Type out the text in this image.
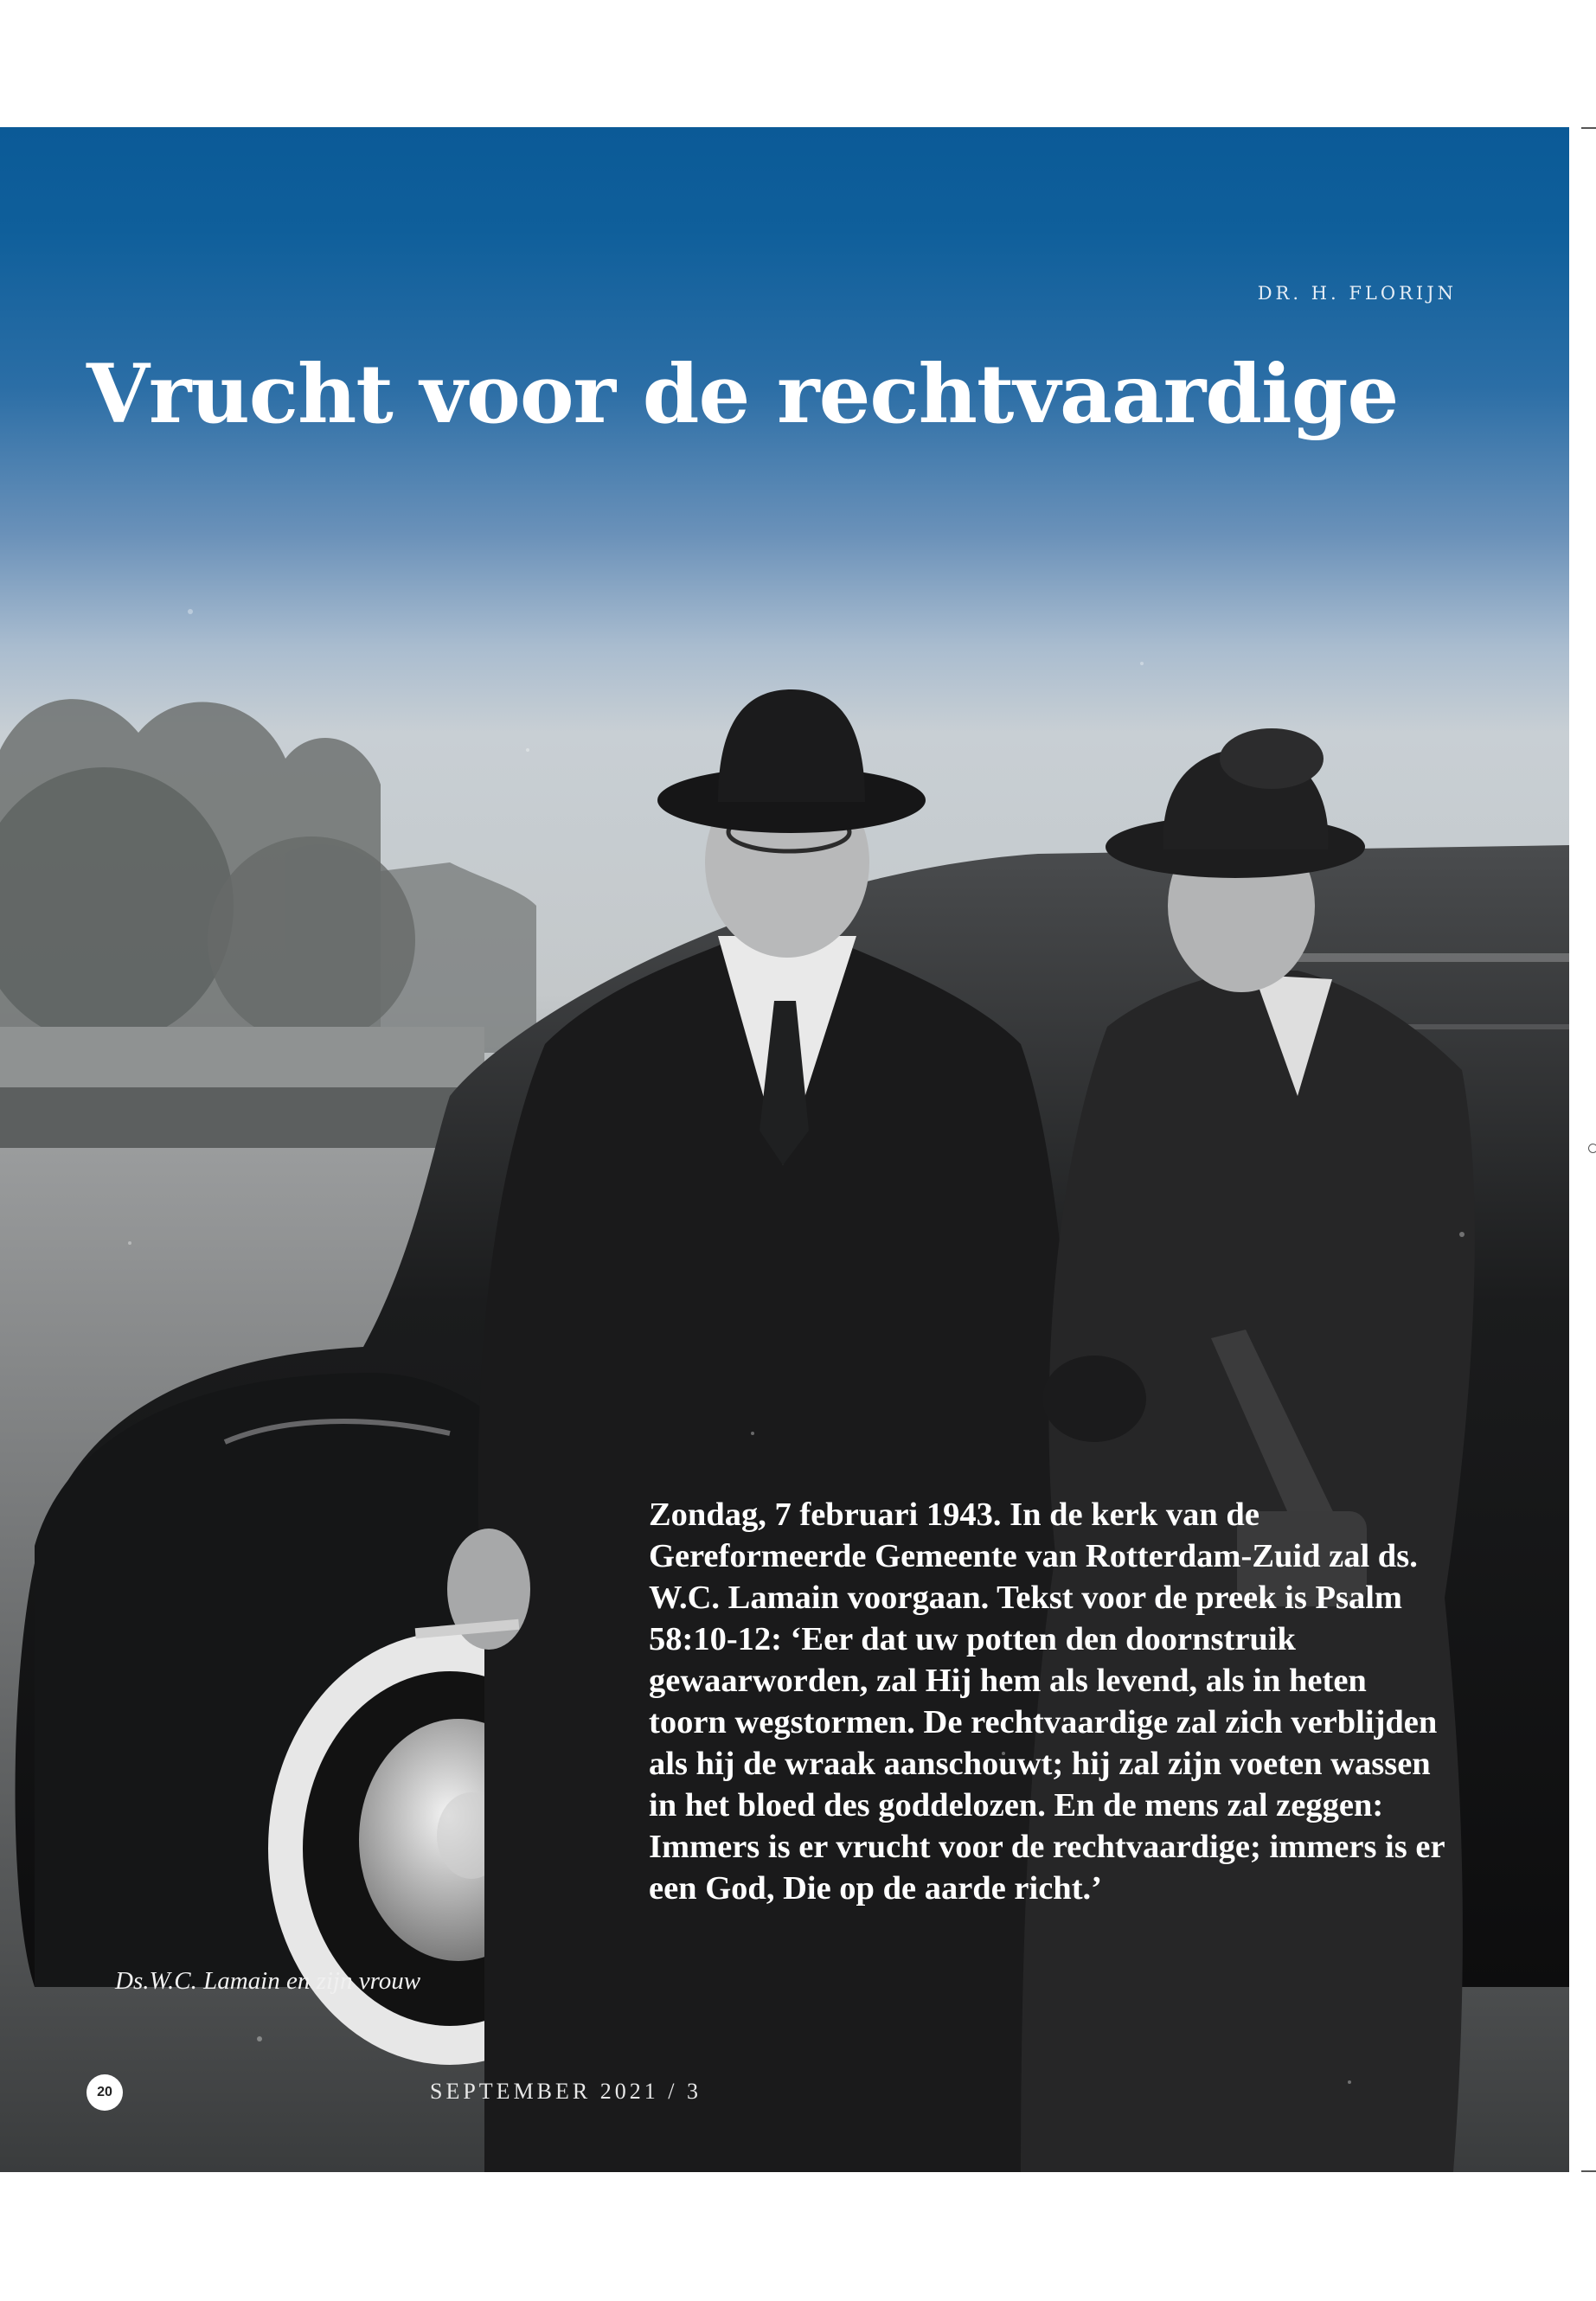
DR. H. FLORIJN
Vrucht voor de rechtvaardige

Zondag, 7 februari 1943. In de kerk van de Gereformeerde Gemeente van Rotterdam-Zuid zal ds. W.C. Lamain voorgaan. Tekst voor de preek is Psalm 58:10-12: ‘Eer dat uw potten den doornstruik gewaarworden, zal Hij hem als levend, als in heten toorn wegstormen. De rechtvaardige zal zich verblijden als hij de wraak aanschouwt; hij zal zijn voeten wassen in het bloed des goddelozen. En de mens zal zeggen: Immers is er vrucht voor de rechtvaardige; immers is er een God, Die op de aarde richt.’

Ds.W.C. Lamain en zijn vrouw
20	SEPTEMBER 2021 / 3
